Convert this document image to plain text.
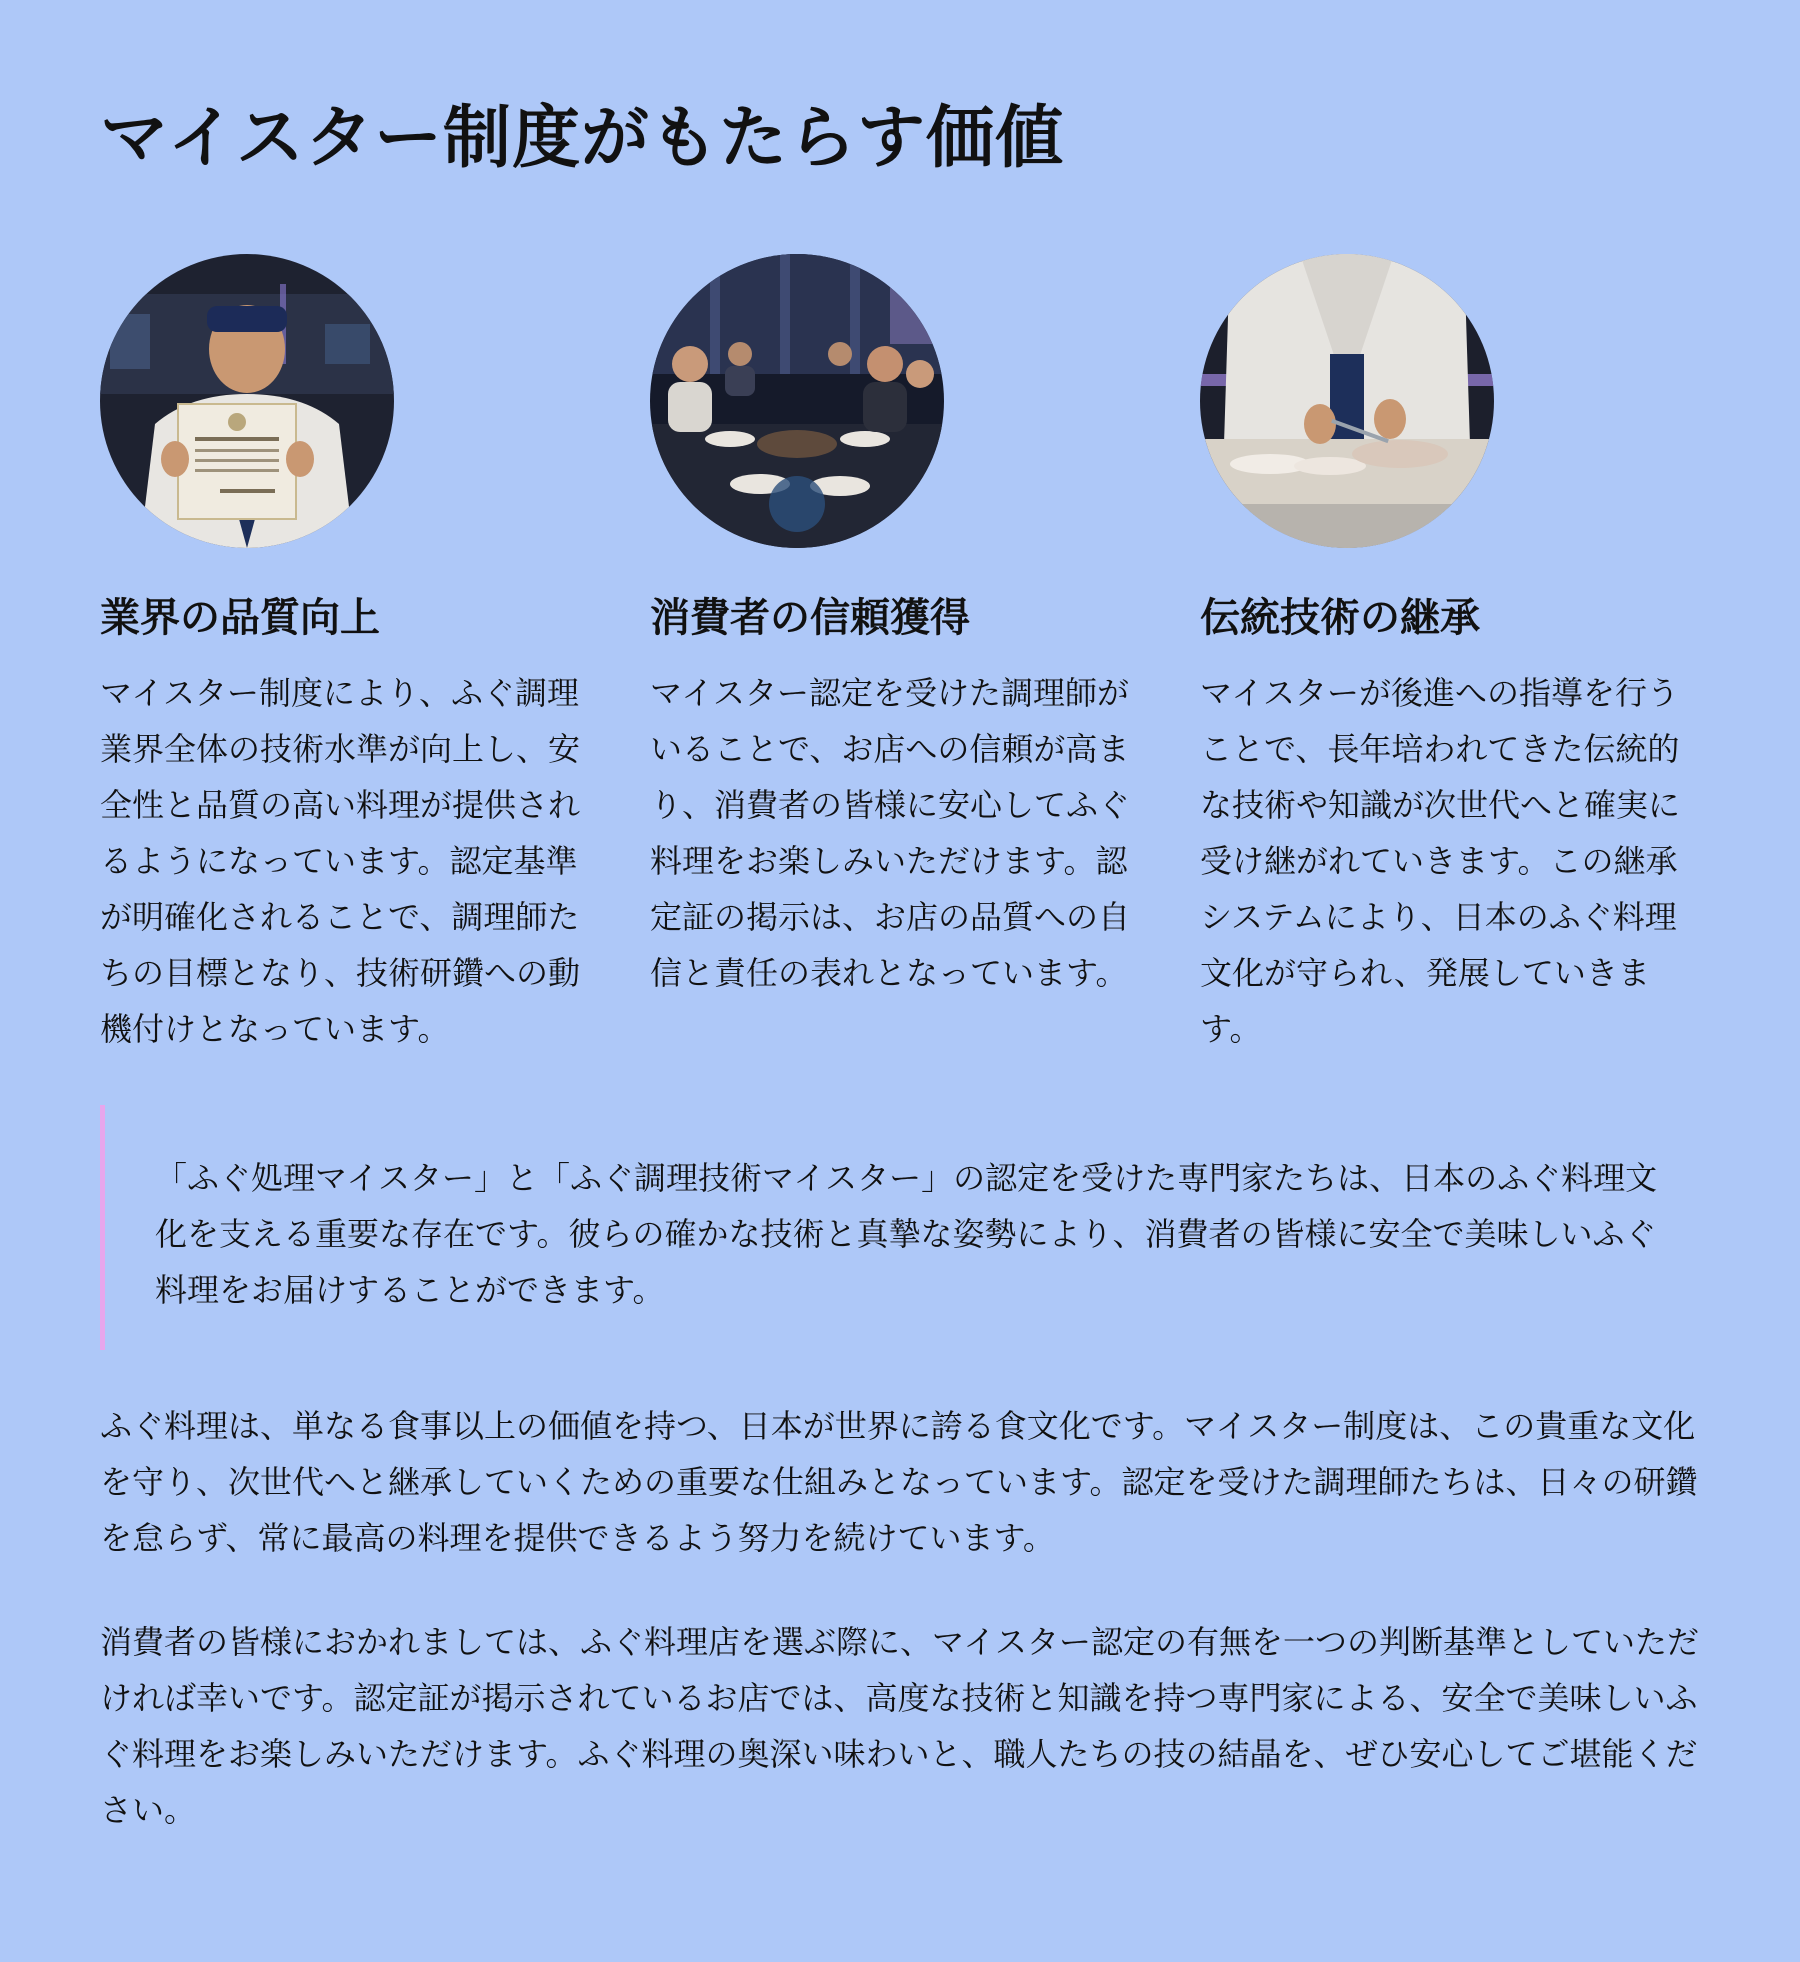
マイスター制度がもたらす価値
業界の品質向上

マイスター制度により、ふぐ調理業界全体の技術水準が向上し、安全性と品質の高い料理が提供されるようになっています。認定基準が明確化されることで、調理師たちの目標となり、技術研鑽への動機付けとなっています。

消費者の信頼獲得

マイスター認定を受けた調理師がいることで、お店への信頼が高まり、消費者の皆様に安心してふぐ料理をお楽しみいただけます。認定証の掲示は、お店の品質への自信と責任の表れとなっています。

伝統技術の継承

マイスターが後進への指導を行うことで、長年培われてきた伝統的な技術や知識が次世代へと確実に受け継がれていきます。この継承システムにより、日本のふぐ料理文化が守られ、発展していきます。

「ふぐ処理マイスター」と「ふぐ調理技術マイスター」の認定を受けた専門家たちは、日本のふぐ料理文化を支える重要な存在です。彼らの確かな技術と真摯な姿勢により、消費者の皆様に安全で美味しいふぐ料理をお届けすることができます。

ふぐ料理は、単なる食事以上の価値を持つ、日本が世界に誇る食文化です。マイスター制度は、この貴重な文化を守り、次世代へと継承していくための重要な仕組みとなっています。認定を受けた調理師たちは、日々の研鑽を怠らず、常に最高の料理を提供できるよう努力を続けています。

消費者の皆様におかれましては、ふぐ料理店を選ぶ際に、マイスター認定の有無を一つの判断基準としていただければ幸いです。認定証が掲示されているお店では、高度な技術と知識を持つ専門家による、安全で美味しいふぐ料理をお楽しみいただけます。ふぐ料理の奥深い味わいと、職人たちの技の結晶を、ぜひ安心してご堪能ください。
